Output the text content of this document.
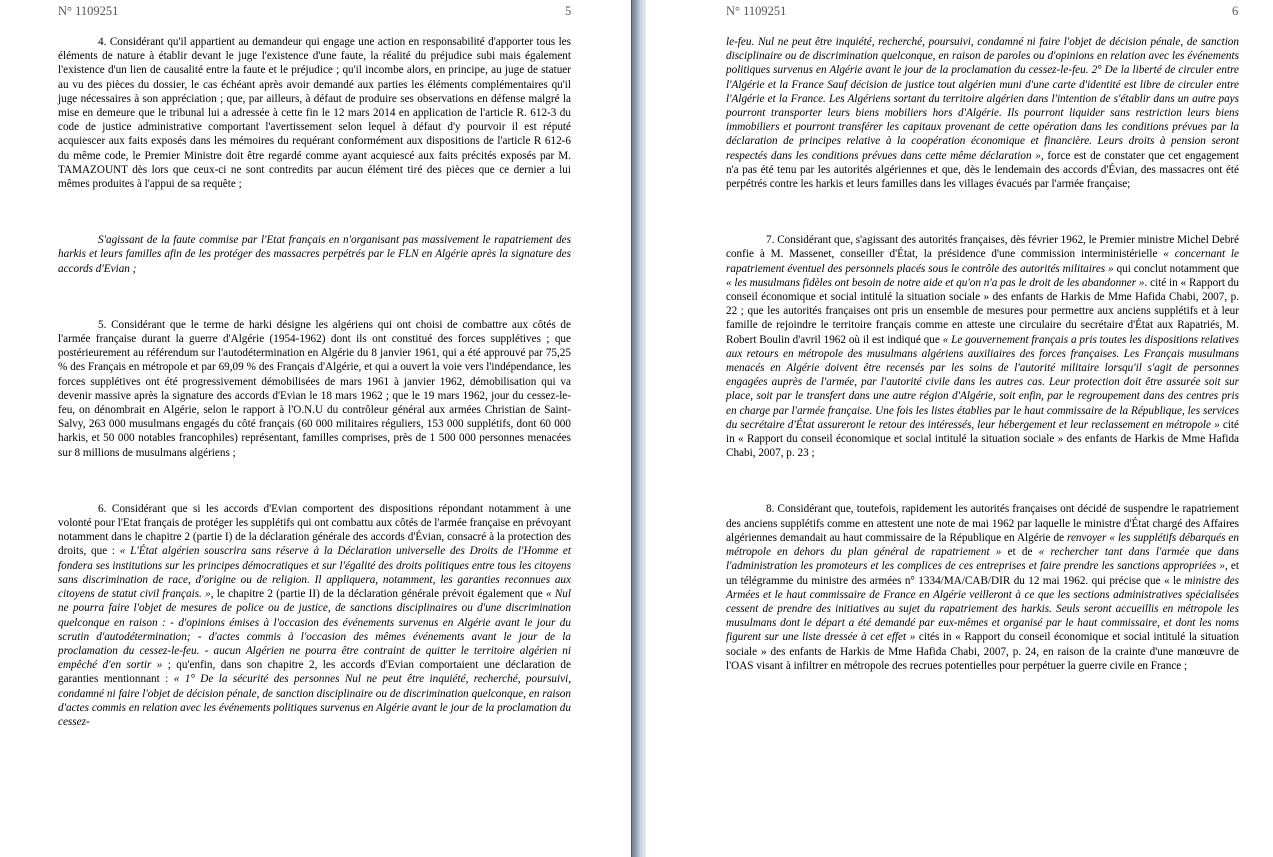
N° 1109251	5

4. Considérant qu'il appartient au demandeur qui engage une action en responsabilité d'apporter tous les éléments de nature à établir devant le juge l'existence d'une faute, la réalité du préjudice subi mais également l'existence d'un lien de causalité entre la faute et le préjudice ; qu'il incombe alors, en principe, au juge de statuer au vu des pièces du dossier, le cas échéant après avoir demandé aux parties les éléments complémentaires qu'il juge nécessaires à son appréciation ; que, par ailleurs, à défaut de produire ses observations en défense malgré la mise en demeure que le tribunal lui a adressée à cette fin le 12 mars 2014 en application de l'article R. 612-3 du code de justice administrative comportant l'avertissement selon lequel à défaut d'y pourvoir il est réputé acquiescer aux faits exposés dans les mémoires du requérant conformément aux dispositions de l'article R 612-6 du même code, le Premier Ministre doit être regardé comme ayant acquiescé aux faits précités exposés par M. TAMAZOUNT dès lors que ceux-ci ne sont contredits par aucun élément tiré des pièces que ce dernier a lui mêmes produites à l'appui de sa requête ;

S'agissant de la faute commise par l'Etat français en n'organisant pas massivement le rapatriement des harkis et leurs familles afin de les protéger des massacres perpétrés par le FLN en Algérie après la signature des accords d'Evian ;

5. Considérant que le terme de harki désigne les algériens qui ont choisi de combattre aux côtés de l'armée française durant la guerre d'Algérie (1954-1962) dont ils ont constitué des forces supplétives ; que postérieurement au référendum sur l'autodétermination en Algérie du 8 janvier 1961, qui a été approuvé par 75,25 % des Français en métropole et par 69,09 % des Français d'Algérie, et qui a ouvert la voie vers l'indépendance, les forces supplétives ont été progressivement démobilisées de mars 1961 à janvier 1962, démobilisation qui va devenir massive après la signature des accords d'Evian le 18 mars 1962 ; que le 19 mars 1962, jour du cessez-le-feu, on dénombrait en Algérie, selon le rapport à l'O.N.U du contrôleur général aux armées Christian de Saint-Salvy, 263 000 musulmans engagés du côté français (60 000 militaires réguliers, 153 000 supplétifs, dont 60 000 harkis, et 50 000 notables francophiles) représentant, familles comprises, près de 1 500 000 personnes menacées sur 8 millions de musulmans algériens ;

6. Considérant que si les accords d'Evian comportent des dispositions répondant notamment à une volonté pour l'Etat français de protéger les supplétifs qui ont combattu aux côtés de l'armée française en prévoyant notamment dans le chapitre 2 (partie I) de la déclaration générale des accords d'Évian, consacré à la protection des droits, que : « L'État algérien souscrira sans réserve à la Déclaration universelle des Droits de l'Homme et fondera ses institutions sur les principes démocratiques et sur l'égalité des droits politiques entre tous les citoyens sans discrimination de race, d'origine ou de religion. Il appliquera, notamment, les garanties reconnues aux citoyens de statut civil français. », le chapitre 2 (partie II) de la déclaration générale prévoit également que « Nul ne pourra faire l'objet de mesures de police ou de justice, de sanctions disciplinaires ou d'une discrimination quelconque en raison : - d'opinions émises à l'occasion des événements survenus en Algérie avant le jour du scrutin d'autodétermination; - d'actes commis à l'occasion des mêmes événements avant le jour de la proclamation du cessez-le-feu. - aucun Algérien ne pourra être contraint de quitter le territoire algérien ni empêché d'en sortir » ; qu'enfin, dans son chapitre 2, les accords d'Evian comportaient une déclaration de garanties mentionnant : « 1° De la sécurité des personnes Nul ne peut être inquiété, recherché, poursuivi, condamné ni faire l'objet de décision pénale, de sanction disciplinaire ou de discrimination quelconque, en raison d'actes commis en relation avec les événements politiques survenus en Algérie avant le jour de la proclamation du cessez-

N° 1109251	6

le-feu. Nul ne peut être inquiété, recherché, poursuivi, condamné ni faire l'objet de décision pénale, de sanction disciplinaire ou de discrimination quelconque, en raison de paroles ou d'opinions en relation avec les événements politiques survenus en Algérie avant le jour de la proclamation du cessez-le-feu. 2° De la liberté de circuler entre l'Algérie et la France Sauf décision de justice tout algérien muni d'une carte d'identité est libre de circuler entre l'Algérie et la France. Les Algériens sortant du territoire algérien dans l'intention de s'établir dans un autre pays pourront transporter leurs biens mobiliers hors d'Algérie. Ils pourront liquider sans restriction leurs biens immobiliers et pourront transférer les capitaux provenant de cette opération dans les conditions prévues par la déclaration de principes relative à la coopération économique et financière. Leurs droits à pension seront respectés dans les conditions prévues dans cette même déclaration », force est de constater que cet engagement n'a pas été tenu par les autorités algériennes et que, dès le lendemain des accords d'Évian, des massacres ont été perpétrés contre les harkis et leurs familles dans les villages évacués par l'armée française;

7. Considérant que, s'agissant des autorités françaises, dès février 1962, le Premier ministre Michel Debré confie à M. Massenet, conseiller d'État, la présidence d'une commission interministérielle « concernant le rapatriement éventuel des personnels placés sous le contrôle des autorités militaires » qui conclut notamment que « les musulmans fidèles ont besoin de notre aide et qu'on n'a pas le droit de les abandonner ». cité in « Rapport du conseil économique et social intitulé la situation sociale » des enfants de Harkis de Mme Hafida Chabi, 2007, p. 22 ; que les autorités françaises ont pris un ensemble de mesures pour permettre aux anciens supplétifs et à leur famille de rejoindre le territoire français comme en atteste une circulaire du secrétaire d'État aux Rapatriés, M. Robert Boulin d'avril 1962 où il est indiqué que « Le gouvernement français a pris toutes les dispositions relatives aux retours en métropole des musulmans algériens auxiliaires des forces françaises. Les Français musulmans menacés en Algérie doivent être recensés par les soins de l'autorité militaire lorsqu'il s'agit de personnes engagées auprès de l'armée, par l'autorité civile dans les autres cas. Leur protection doit être assurée soit sur place, soit par le transfert dans une autre région d'Algérie, soit enfin, par le regroupement dans des centres pris en charge par l'armée française. Une fois les listes établies par le haut commissaire de la République, les services du secrétaire d'État assureront le retour des intéressés, leur hébergement et leur reclassement en métropole » cité in « Rapport du conseil économique et social intitulé la situation sociale » des enfants de Harkis de Mme Hafida Chabi, 2007, p. 23 ;

8. Considérant que, toutefois, rapidement les autorités françaises ont décidé de suspendre le rapatriement des anciens supplétifs comme en attestent une note de mai 1962 par laquelle le ministre d'État chargé des Affaires algériennes demandait au haut commissaire de la République en Algérie de renvoyer « les supplétifs débarqués en métropole en dehors du plan général de rapatriement » et de « rechercher tant dans l'armée que dans l'administration les promoteurs et les complices de ces entreprises et faire prendre les sanctions appropriées », et un télégramme du ministre des armées n° 1334/MA/CAB/DIR du 12 mai 1962. qui précise que « le ministre des Armées et le haut commissaire de France en Algérie veilleront à ce que les sections administratives spécialisées cessent de prendre des initiatives au sujet du rapatriement des harkis. Seuls seront accueillis en métropole les musulmans dont le départ a été demandé par eux-mêmes et organisé par le haut commissaire, et dont les noms figurent sur une liste dressée à cet effet » cités in « Rapport du conseil économique et social intitulé la situation sociale » des enfants de Harkis de Mme Hafida Chabi, 2007, p. 24, en raison de la crainte d'une manœuvre de l'OAS visant à infiltrer en métropole des recrues potentielles pour perpétuer la guerre civile en France ;
